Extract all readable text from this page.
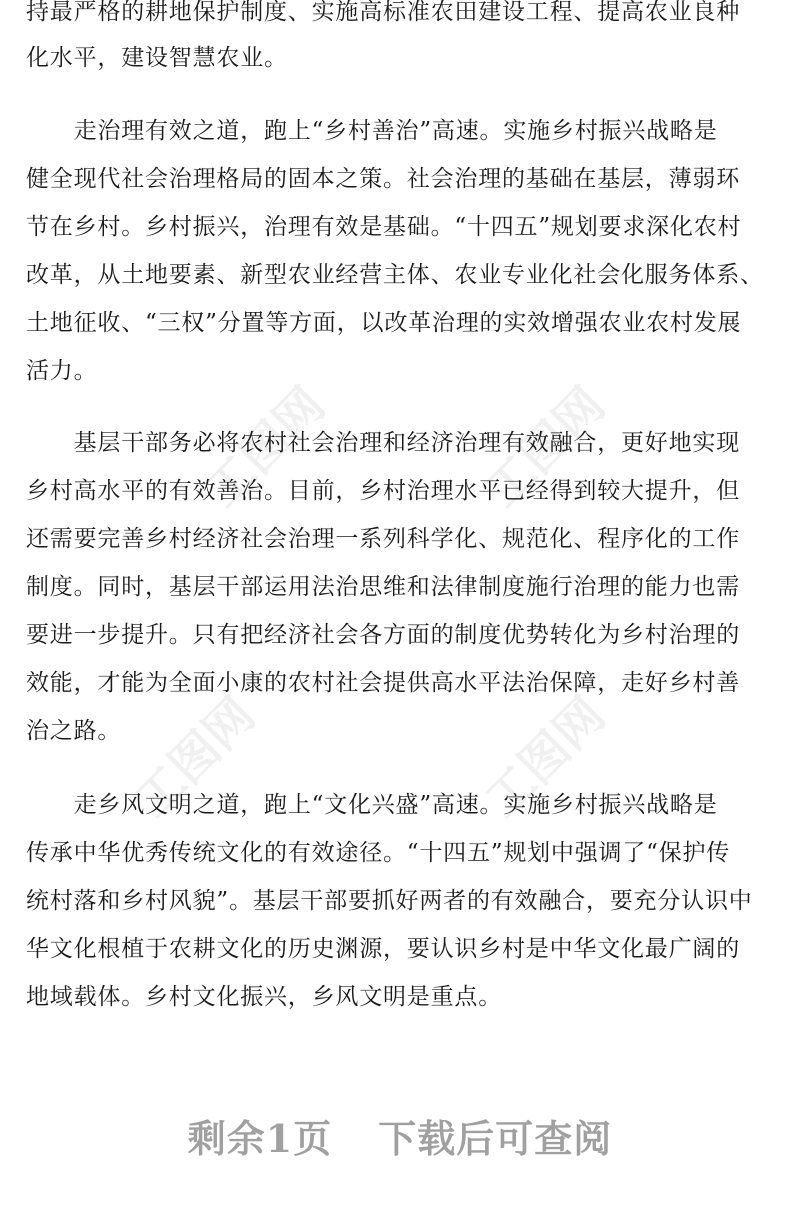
持最严格的耕地保护制度、实施高标准农田建设工程、提高农业良种
化水平，建设智慧农业。
　　走治理有效之道，跑上“乡村善治”高速。实施乡村振兴战略是
健全现代社会治理格局的固本之策。社会治理的基础在基层，薄弱环
节在乡村。乡村振兴，治理有效是基础。“十四五”规划要求深化农村
改革，从土地要素、新型农业经营主体、农业专业化社会化服务体系、
土地征收、“三权”分置等方面，以改革治理的实效增强农业农村发展
活力。
　　基层干部务必将农村社会治理和经济治理有效融合，更好地实现
乡村高水平的有效善治。目前，乡村治理水平已经得到较大提升，但
还需要完善乡村经济社会治理一系列科学化、规范化、程序化的工作
制度。同时，基层干部运用法治思维和法律制度施行治理的能力也需
要进一步提升。只有把经济社会各方面的制度优势转化为乡村治理的
效能，才能为全面小康的农村社会提供高水平法治保障，走好乡村善
治之路。
　　走乡风文明之道，跑上“文化兴盛”高速。实施乡村振兴战略是
传承中华优秀传统文化的有效途径。“十四五”规划中强调了“保护传
统村落和乡村风貌”。基层干部要抓好两者的有效融合，要充分认识中
华文化根植于农耕文化的历史渊源，要认识乡村是中华文化最广阔的
地域载体。乡村文化振兴，乡风文明是重点。
工图网	工图网
工图网	工图网
剩余1页 下载后可查阅
